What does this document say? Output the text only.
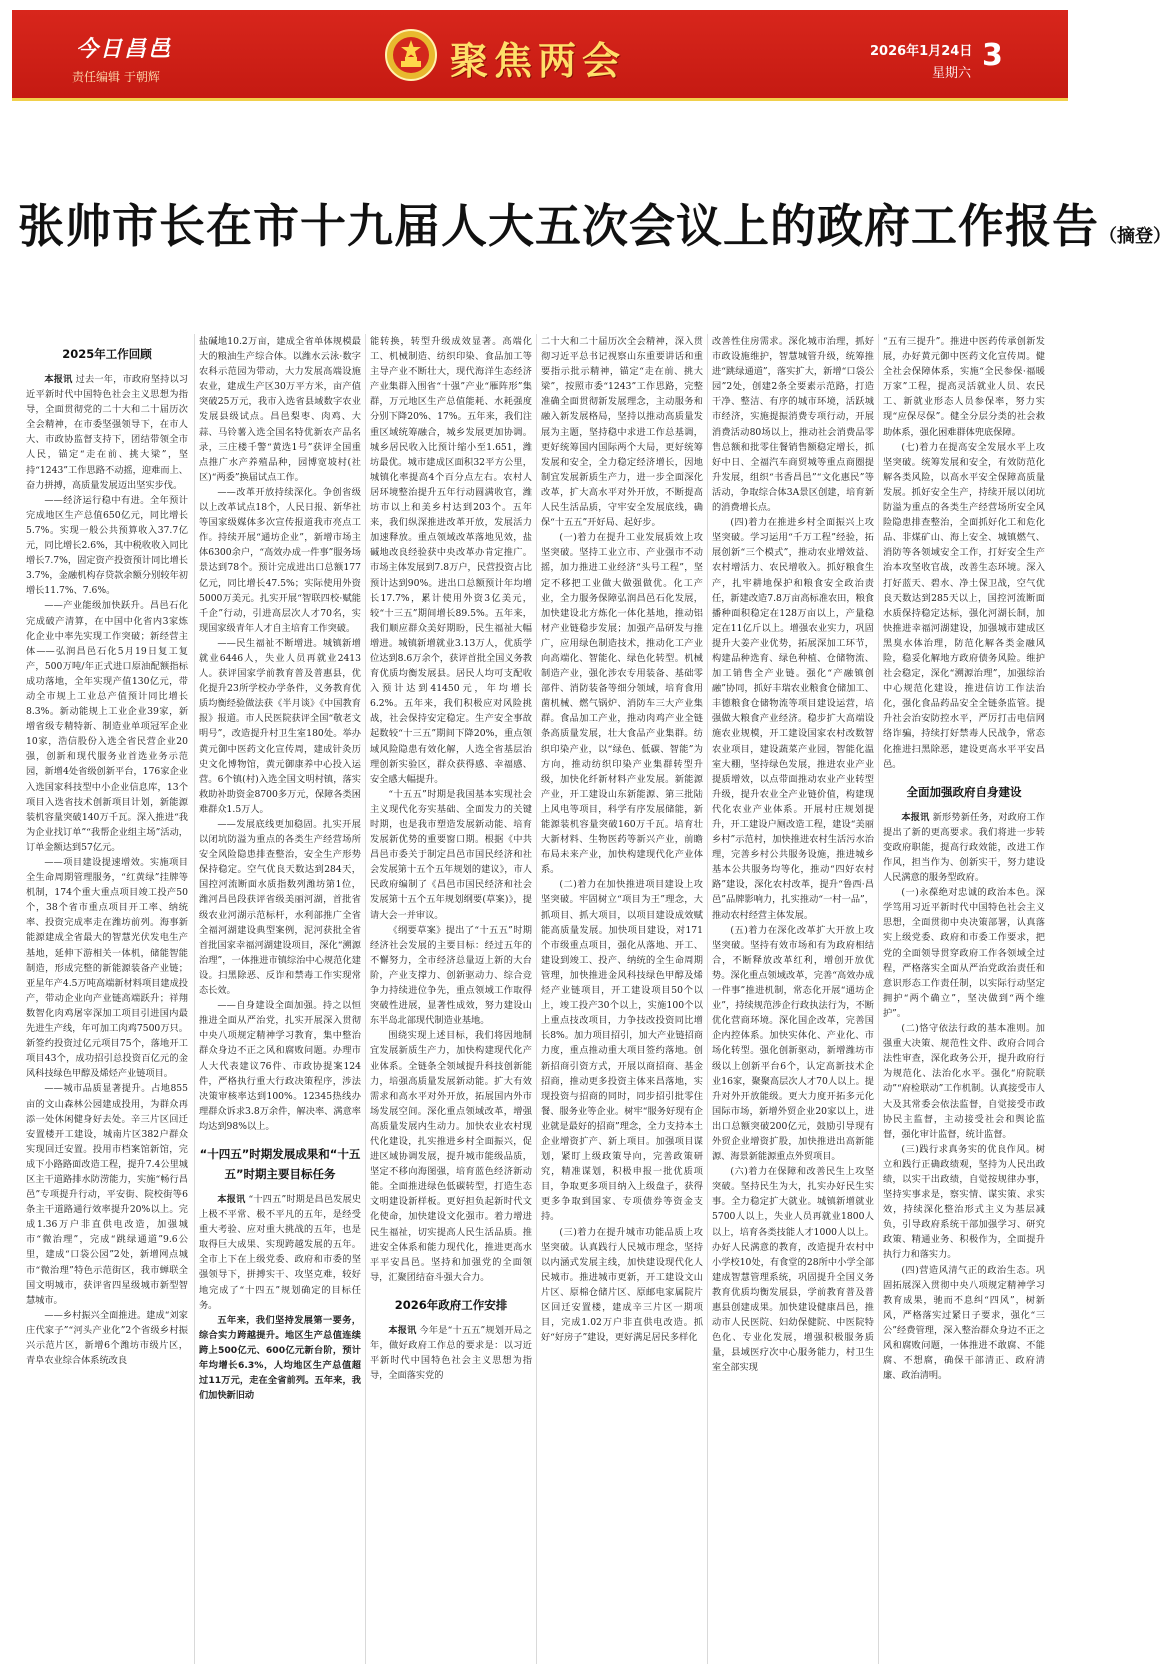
今日昌邑
责任编辑 于朝辉	聚焦两会	2026年1月24日
星期六
3
张帅市长在市十九届人大五次会议上的政府工作报告（摘登）
2025年工作回顾

本报讯 过去一年，市政府坚持以习近平新时代中国特色社会主义思想为指导，全面贯彻党的二十大和二十届历次全会精神，在市委坚强领导下，在市人大、市政协监督支持下，团结带领全市人民，锚定“走在前、挑大梁”，坚持“1243”工作思路不动摇，迎难而上、奋力拼搏，高质量发展迈出坚实步伐。

——经济运行稳中有进。全年预计完成地区生产总值650亿元，同比增长5.7%。实现一般公共预算收入37.7亿元，同比增长2.6%，其中税收收入同比增长7.7%，固定资产投资预计同比增长3.7%，金融机构存贷款余额分别较年初增长11.7%、7.6%。

——产业能级加快跃升。昌邑石化完成破产清算，在中国中化省内3家炼化企业中率先实现工作突破；新经营主体——弘润昌邑石化5月19日复工复产，500万吨/年正式进口原油配额指标成功落地，全年实现产值130亿元，带动全市规上工业总产值预计同比增长8.3%。新动能规上工业企业39家，新增省级专精特新、制造业单项冠军企业10家，浩信股份入选全省民营企业20强，创新和现代服务业首选业务示范园，新增4处省级创新平台，176家企业入选国家科技型中小企业信息库，13个项目入选省技术创新项目计划，新能源装机容量突破140万千瓦。深入推进“我为企业找订单”“我帮企业组主场”活动，订单金额达到57亿元。

——项目建设提速增效。实施项目全生命周期管理服务，“红黄绿”挂牌等机制，174个重大重点项目竣工投产50个，38个省市重点项目开工率、纳统率、投资完成率走在潍坊前列。海事新能源建成全省最大的智慧光伏发电生产基地，延伸下游相关一体机，储能智能制造，形成完整的新能源装备产业链；亚星年产4.5万吨高端新材料项目建成投产，带动企业向产业链高端跃升；祥翔数智化肉鸡屠宰深加工项目引进国内最先进生产线，年可加工肉鸡7500万只。新签约投资过亿元项目75个，落地开工项目43个，成功招引总投资百亿元的金风科技绿色甲醇及烯烃产业链项目。

——城市品质显著提升。占地855亩的文山森林公园建成投用，为群众再添一处休闲健身好去处。辛三片区回迁安置楼开工建设，城南片区382户群众实现回迁安置。投用市档案馆新馆，完成下小路路面改造工程，提升7.4公里城区主干道路排水防涝能力，实施“畅行昌邑”专项提升行动，平安街、院校街等6条主干道路通行效率提升20%以上。完成1.36万户非直供电改造，加强城市“微治理”，完成“跳绿通道”9.6公里，建成“口袋公园”2处，新增网点城市“微治理”特色示范街区，我市蝉联全国文明城市，获评省四星级城市新型智慧城市。

——乡村振兴全面推进。建成“刘家庄代家子”“河头产业化”2个省级乡村振兴示范片区，新增6个潍坊市级片区，青阜农业综合体系统改良

盐碱地10.2万亩，建成全省单体规模最大的粮油生产综合体。以潍水云泳·数字农科示范园为带动，大力发展高端设施农业，建成生产区30万平方米，亩产值突破25万元，我市入选省县域数字农业发展县级试点。昌邑梨枣、肉鸡、大蒜、马铃薯入选全国名特优新农产品名录，三庄楼千警“黄选1号”获评全国重点推广水产养殖品种，园博宽坡村(社区)“两委”换届试点工作。

——改革开放持续深化。争创省级以上改革试点18个，人民日报、新华社等国家级媒体多次宣传报道我市亮点工作。持续开展“通坊企业”，新增市场主体6300余户，“高效办成一件事”服务场景达到78个。预计完成进出口总额177亿元，同比增长47.5%；实际使用外资5000万美元。扎实开展“智联四校·赋能千企”行动，引进高层次人才70名，实现国家级青年人才自主培育工作突破。

——民生福祉不断增进。城镇新增就业6446人，失业人员再就业2413人。获评国家学前教育普及普惠县，优化提升23所学校办学条件，义务教育优质均衡经验做法获《半月谈》《中国教育报》报道。市人民医院获评全国“敬老文明号”，改造提升村卫生室180处。举办黄元御中医药文化宣传周，建成针灸历史文化博物馆，黄元御康养中心投入运营。6个镇(村)入选全国文明村镇，落实救助补助资金8700多万元，保障各类困难群众1.5万人。

——发展底线更加稳固。扎实开展以闭坑防溢为重点的各类生产经营场所安全风险隐患排查整治，安全生产形势保持稳定。空气优良天数达到284天，国控河流断面水质指数列潍坊第1位，潍河昌邑段获评省级美丽河湖，首批省级农业河湖示范标杆，水利部推广全省全福河湖建设典型案例，泥河获批全省首批国家幸福河湖建设项目，深化“溯源治理”，一体推进市镇综治中心规范化建设。扫黑除恶、反诈和禁毒工作实现常态长效。

——自身建设全面加强。持之以恒推进全面从严治党，扎实开展深入贯彻中央八项规定精神学习教育，集中整治群众身边不正之风和腐败问题。办理市人大代表建议76件、市政协提案124件，严格执行重大行政决策程序，涉法决策审核率达到100%。12345热线办理群众诉求3.8万余件，解决率、满意率均达到98%以上。

“十四五”时期发展成果和“十五五”时期主要目标任务

本报讯 “十四五”时期是昌邑发展史上极不平常、极不平凡的五年，是经受重大考验、应对重大挑战的五年，也是取得巨大成果、实现跨越发展的五年。全市上下在上级党委、政府和市委的坚强领导下，拼搏实干、攻坚克难，较好地完成了“十四五”规划确定的目标任务。

五年来，我们坚持发展第一要务，综合实力跨越提升。地区生产总值连续跨上500亿元、600亿元新台阶，预计年均增长6.3%，人均地区生产总值超过11万元，走在全省前列。五年来，我们加快新旧动

能转换，转型升级成效显著。高端化工、机械制造、纺织印染、食品加工等主导产业不断壮大，现代海洋生态经济产业集群入围省“十强”产业“雁阵形”集群，万元地区生产总值能耗、水耗强度分别下降20%、17%。五年来，我们注重区域统筹融合，城乡发展更加协调。城乡居民收入比预计缩小至1.651，潍坊最优。城市建成区面积32平方公里，城镇化率提高4个百分点左右。农村人居环境整治提升五年行动圆满收官，潍坊市以上和美乡村达到203个。五年来，我们纵深推进改革开放，发展活力加速释放。重点领域改革落地见效，盐碱地改良经验获中央改革办肯定推广。市场主体发展到7.8万户，民营投资占比预计达到90%。进出口总额预计年均增长17.7%，累计使用外资3亿美元，较“十三五”期间增长89.5%。五年来，我们顺应群众美好期盼，民生福祉大幅增进。城镇新增就业3.13万人，优质学位达到8.6万余个，获评首批全国义务教育优质均衡发展县。居民人均可支配收入预计达到41450元，年均增长6.2%。五年来，我们积极应对风险挑战，社会保持安定稳定。生产安全事故起数较“十三五”期间下降20%，重点领域风险隐患有效化解，人选全省基层治理创新实验区，群众获得感、幸福感、安全感大幅提升。

“十五五”时期是我国基本实现社会主义现代化夯实基础、全面发力的关键时期，也是我市塑造发展新动能、培育发展新优势的重要窗口期。根据《中共昌邑市委关于制定昌邑市国民经济和社会发展第十五个五年规划的建议》，市人民政府编制了《昌邑市国民经济和社会发展第十五个五年规划纲要(草案)》，提请大会一并审议。

《纲要草案》提出了“十五五”时期经济社会发展的主要目标：经过五年的不懈努力，全市经济总量迈上新的大台阶，产业支撑力、创新驱动力、综合竞争力持续进位争先，重点领域工作取得突破性进展，显著性成效，努力建设山东半岛北部现代制造业基地。

围绕实现上述目标，我们将因地制宜发展新质生产力，加快构建现代化产业体系。全链条全领域提升科技创新能力，培强高质量发展新动能。扩大有效需求和高水平对外开放，拓展国内外市场发展空间。深化重点领域改革，增强高质量发展内生动力。加快农业农村现代化建设，扎实推进乡村全面振兴，促进区域协调发展，提升城市能级品质，坚定不移向海图强，培育蓝色经济新动能。全面推进绿色低碳转型，打造生态文明建设新样板。更好担负起新时代文化使命，加快建设文化强市。着力增进民生福祉，切实提高人民生活品质。推进安全体系和能力现代化，推进更高水平平安昌邑。坚持和加强党的全面领导，汇聚团结奋斗强大合力。

2026年政府工作安排

本报讯 今年是“十五五”规划开局之年，做好政府工作总的要求是：以习近平新时代中国特色社会主义思想为指导，全面落实党的

二十大和二十届历次全会精神，深入贯彻习近平总书记视察山东重要讲话和重要指示批示精神，锚定“走在前、挑大梁”，按照市委“1243”工作思路，完整准确全面贯彻新发展理念，主动服务和融入新发展格局，坚持以推动高质量发展为主题，坚持稳中求进工作总基调，更好统筹国内国际两个大局，更好统筹发展和安全，全力稳定经济增长，因地制宜发展新质生产力，进一步全面深化改革，扩大高水平对外开放，不断提高人民生活品质，守牢安全发展底线，确保“十五五”开好局、起好步。

(一)着力在提升工业发展质效上攻坚突破。坚持工业立市、产业强市不动摇，加力推进工业经济“头号工程”，坚定不移把工业做大做强做优。化工产业，全力服务保障弘润昌邑石化发展，加快建设北方炼化一体化基地，推动铝材产业链稳步发展；加强产品研发与推广，应用绿色制造技术，推动化工产业向高端化、智能化、绿色化转型。机械制造产业，强化涉农专用装备、基础零部件、消防装备等细分领域，培育食用菌机械、燃气锅炉、消防车三大产业集群。食品加工产业，推动肉鸡产业全链条高质量发展，壮大食品产业集群。纺织印染产业，以“绿色、低碳、智能”为方向，推动纺织印染产业集群转型升级，加快化纤新材料产业发展。新能源产业，开工建设山东新能源、第三批陆上风电等项目，科学有序发展储能，新能源装机容量突破160万千瓦。培育壮大新材料、生物医药等新兴产业，前瞻布局未来产业，加快构建现代化产业体系。

(二)着力在加快推进项目建设上攻坚突破。牢固树立“项目为王”理念，大抓项目、抓大项目，以项目建设成效赋能高质量发展。加快项目建设，对171个市级重点项目，强化从落地、开工、建设到竣工、投产、纳统的全生命周期管理，加快推进金风科技绿色甲醇及烯烃产业链项目，开工建设项目50个以上，竣工投产30个以上，实施100个以上重点技改项目，力争技改投资同比增长8%。加力项目招引，加大产业链招商力度，重点推动重大项目签约落地。创新招商引资方式，开展以商招商、基金招商，推动更多投资主体来昌落地，实现投资与招商的同时，同步招引批零住餐、服务业等企业。树牢“服务好现有企业就是最好的招商”理念，全力支持本土企业增资扩产、新上项目。加强项目谋划，紧盯上级政策导向，完善政策研究，精准谋划，积极申报一批优质项目，争取更多项目纳入上级盘子，获得更多争取到国家、专项债券等资金支持。

(三)着力在提升城市功能品质上攻坚突破。认真践行人民城市理念，坚持以内涵式发展主线，加快建设现代化人民城市。推进城市更新，开工建设文山片区、原棉仓储片区、原邮电家属院片区回迁安置楼，建成辛三片区一期项目，完成1.02万户非直供电改造。抓好“好房子”建设，更好满足居民多样化

改善性住房需求。深化城市治理，抓好市政设施维护，智慧城管升级，统筹推进“跳绿通道”，落实扩大，新增“口袋公园”2处，创建2条全要素示范路，打造干净、整洁、有序的城市环境，活跃城市经济，实施提振消费专项行动，开展消费活动80场以上，推动社会消费品零售总额和批零住餐销售额稳定增长，抓好中日、全福汽车商贸城等重点商圈提升发展，组织“书香昌邑”“文化惠民”等活动，争取综合体3A景区创建，培育新的消费增长点。

(四)着力在推进乡村全面振兴上攻坚突破。学习运用“千万工程”经验，拓展创新“三个模式”，推动农业增效益、农村增活力、农民增收入。抓好粮食生产，扎牢耕地保护和粮食安全政治责任，新建改造7.8万亩高标准农田，粮食播种面积稳定在128万亩以上，产量稳定在11亿斤以上。增强农业实力，巩固提升大姜产业优势，拓展深加工环节，构建品种选育、绿色种植、仓储物流、加工销售全产业链。强化“产融镇创融”协同，抓好丰瑞农业粮食仓储加工、丰德粮食仓储物流等项目建设运营，培强做大粮食产业经济。稳步扩大高端设施农业规模，开工建设国家农村改数智农业项目，建设蔬菜产业园，智能化温室大棚，坚持绿色发展，推进农业产业提质增效，以点带面推动农业产业转型升级，提升农业全产业链价值，构建现代化农业产业体系。开展村庄规划提升，开工建设户厕改造工程，建设“美丽乡村”示范村，加快推进农村生活污水治理，完善乡村公共服务设施，推进城乡基本公共服务均等化，推动“四好农村路”建设，深化农村改革，提升“鲁西·昌邑”品牌影响力，扎实推动“一村一品”，推动农村经营主体发展。

(五)着力在深化改革扩大开放上攻坚突破。坚持有效市场和有为政府相结合，不断释放改革红利，增创开放优势。深化重点领域改革，完善“高效办成一件事”推进机制，常态化开展“通坊企业”，持续规范涉企行政执法行为，不断优化营商环境。深化国企改革，完善国企内控体系。加快实体化、产业化、市场化转型。强化创新驱动，新增潍坊市级以上创新平台6个，认定高新技术企业16家，聚聚高层次人才70人以上。提升对外开放能级。更大力度开拓多元化国际市场，新增外贸企业20家以上，进出口总额突破200亿元，鼓励引导现有外贸企业增资扩股，加快推进出高新能源、海景新能源重点外贸项目。

(六)着力在保障和改善民生上攻坚突破。坚持民生为大，扎实办好民生实事。全力稳定扩大就业。城镇新增就业5700人以上，失业人员再就业1800人以上，培育各类技能人才1000人以上。办好人民满意的教育，改造提升农村中小学校10处，有食堂的28所中小学全部建成智慧管理系统，巩固提升全国义务教育优质均衡发展县，学前教育普及普惠县创建成果。加快建设健康昌邑，推动市人民医院、妇幼保健院、中医院特色化、专业化发展，增强积极服务质量，县域医疗次中心服务能力，村卫生室全部实现

“五有三提升”。推进中医药传承创新发展，办好黄元御中医药文化宣传周。健全社会保障体系，实施“全民参保·福暖万家”工程，提高灵活就业人员、农民工、新就业形态人员参保率，努力实现“应保尽保”。健全分层分类的社会救助体系，强化困难群体兜底保障。

(七)着力在提高安全发展水平上攻坚突破。统筹发展和安全，有效防范化解各类风险，以高水平安全保障高质量发展。抓好安全生产，持续开展以闭坑防溢为重点的各类生产经营场所安全风险隐患排查整治，全面抓好化工和危化品、非煤矿山、海上安全、城镇燃气、消防等各领域安全工作，打好安全生产治本攻坚收官战，改善生态环境。深入打好蓝天、碧水、净土保卫战，空气优良天数达到285天以上，国控河流断面水质保持稳定达标，强化河湖长制，加快推进幸福河湖建设，加强城市建成区黑臭水体治理，防范化解各类金融风险，稳妥化解地方政府债务风险。维护社会稳定，深化“溯源治理”，加强综治中心规范化建设，推进信访工作法治化，强化食品药品安全全链条监管。提升社会治安防控水平，严厉打击电信网络诈骗，持续打好禁毒人民战争，常态化推进扫黑除恶，建设更高水平平安昌邑。

全面加强政府自身建设

本报讯 新形势新任务，对政府工作提出了新的更高要求。我们将进一步转变政府职能，提高行政效能，改进工作作风，担当作为、创新实干，努力建设人民满意的服务型政府。

(一)永葆绝对忠诚的政治本色。深学笃用习近平新时代中国特色社会主义思想，全面贯彻中央决策部署，认真落实上级党委、政府和市委工作要求，把党的全面领导贯穿政府工作各领域全过程，严格落实全面从严治党政治责任和意识形态工作责任制，以实际行动坚定拥护“两个确立”，坚决做到“两个维护”。

(二)恪守依法行政的基本准则。加强重大决策、规范性文件、政府合同合法性审查，深化政务公开，提升政府行为规范化、法治化水平。强化“府院联动”“府检联动”工作机制。认真接受市人大及其常委会依法监督，自觉接受市政协民主监督，主动接受社会和舆论监督，强化审计监督，统计监督。

(三)践行求真务实的优良作风。树立和践行正确政绩观，坚持为人民出政绩，以实干出政绩，自觉按规律办事，坚持实事求是，察实情、谋实策、求实效，持续深化整治形式主义为基层减负，引导政府系统干部加强学习、研究政策、精通业务、积极作为，全面提升执行力和落实力。

(四)营造风清气正的政治生态。巩固拓展深入贯彻中央八项规定精神学习教育成果，驰而不息纠“四风”，树新风，严格落实过紧日子要求，强化“三公”经费管理，深入整治群众身边不正之风和腐败问题，一体推进不敢腐、不能腐、不想腐，确保干部清正、政府清廉、政治清明。
